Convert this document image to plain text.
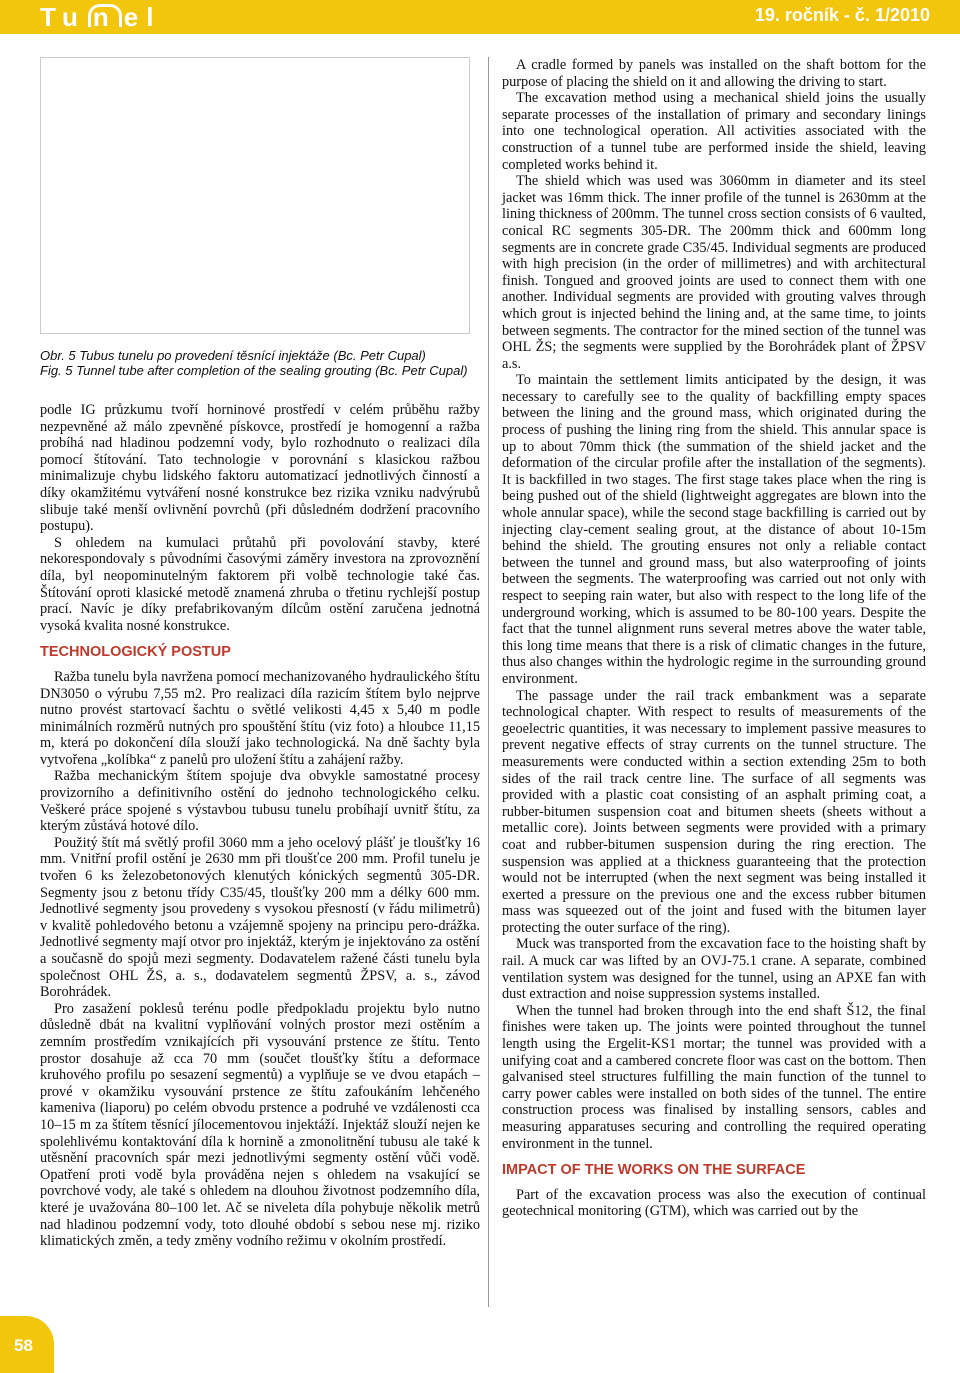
Tu n el	19. ročník - č. 1/2010
Obr. 5 Tubus tunelu po provedení těsnící injektáže (Bc. Petr Cupal)
Fig. 5 Tunnel tube after completion of the sealing grouting (Bc. Petr Cupal)

podle IG průzkumu tvoří horninové prostředí v celém průběhu ražby nezpevněné až málo zpevněné pískovce, prostředí je homogenní a ražba probíhá nad hladinou podzemní vody, bylo rozhodnuto o realizaci díla pomocí štítování. Tato technologie v porovnání s klasickou ražbou minimalizuje chybu lidského faktoru automatizací jednotlivých činností a díky okamžitému vytváření nosné konstrukce bez rizika vzniku nadvýrubů slibuje také menší ovlivnění povrchů (při důsledném dodržení pracovního postupu).

S ohledem na kumulaci průtahů při povolování stavby, které nekorespondovaly s původními časovými záměry investora na zprovoznění díla, byl neopominutelným faktorem při volbě technologie také čas. Štítování oproti klasické metodě znamená zhruba o třetinu rychlejší postup prací. Navíc je díky prefabrikovaným dílcům ostění zaručena jednotná vysoká kvalita nosné konstrukce.

TECHNOLOGICKÝ POSTUP

Ražba tunelu byla navržena pomocí mechanizovaného hydraulického štítu DN3050 o výrubu 7,55 m2. Pro realizaci díla razicím štítem bylo nejprve nutno provést startovací šachtu o světlé velikosti 4,45 x 5,40 m podle minimálních rozměrů nutných pro spouštění štítu (viz foto) a hloubce 11,15 m, která po dokončení díla slouží jako technologická. Na dně šachty byla vytvořena „kolíbka“ z panelů pro uložení štítu a zahájení ražby.

Ražba mechanickým štítem spojuje dva obvykle samostatné procesy provizorního a definitivního ostění do jednoho technologického celku. Veškeré práce spojené s výstavbou tubusu tunelu probíhají uvnitř štítu, za kterým zůstává hotové dílo.

Použitý štít má světlý profil 3060 mm a jeho ocelový plášť je tloušťky 16 mm. Vnitřní profil ostění je 2630 mm při tloušťce 200 mm. Profil tunelu je tvořen 6 ks železobetonových klenutých kónických segmentů 305-DR. Segmenty jsou z betonu třídy C35/45, tloušťky 200 mm a délky 600 mm. Jednotlivé segmenty jsou provedeny s vysokou přesností (v řádu milimetrů) v kvalitě pohledového betonu a vzájemně spojeny na principu pero-drážka. Jednotlivé segmenty mají otvor pro injektáž, kterým je injektováno za ostění a současně do spojů mezi segmenty. Dodavatelem ražené části tunelu byla společnost OHL ŽS, a. s., dodavatelem segmentů ŽPSV, a. s., závod Borohrádek.

Pro zasažení poklesů terénu podle předpokladu projektu bylo nutno důsledně dbát na kvalitní vyplňování volných prostor mezi ostěním a zemním prostředím vznikajících při vysouvání prstence ze štítu. Tento prostor dosahuje až cca 70 mm (součet tloušťky štítu a deformace kruhového profilu po sesazení segmentů) a vyplňuje se ve dvou etapách – prové v okamžiku vysouvání prstence ze štítu zafoukáním lehčeného kameniva (liaporu) po celém obvodu prstence a podruhé ve vzdálenosti cca 10–15 m za štítem těsnící jílocementovou injektáží. Injektáž slouží nejen ke spolehlivému kontaktování díla k hornině a zmonolitnění tubusu ale také k utěsnění pracovních spár mezi jednotlivými segmenty ostění vůči vodě. Opatření proti vodě byla prováděna nejen s ohledem na vsakující se povrchové vody, ale také s ohledem na dlouhou životnost podzemního díla, které je uvažována 80–100 let. Ač se niveleta díla pohybuje několik metrů nad hladinou podzemní vody, toto dlouhé období s sebou nese mj. riziko klimatických změn, a tedy změny vodního režimu v okolním prostředí.

A cradle formed by panels was installed on the shaft bottom for the purpose of placing the shield on it and allowing the driving to start.

The excavation method using a mechanical shield joins the usually separate processes of the installation of primary and secondary linings into one technological operation. All activities associated with the construction of a tunnel tube are performed inside the shield, leaving completed works behind it.

The shield which was used was 3060mm in diameter and its steel jacket was 16mm thick. The inner profile of the tunnel is 2630mm at the lining thickness of 200mm. The tunnel cross section consists of 6 vaulted, conical RC segments 305-DR. The 200mm thick and 600mm long segments are in concrete grade C35/45. Individual segments are produced with high precision (in the order of millimetres) and with architectural finish. Tongued and grooved joints are used to connect them with one another. Individual segments are provided with grouting valves through which grout is injected behind the lining and, at the same time, to joints between segments. The contractor for the mined section of the tunnel was OHL ŽS; the segments were supplied by the Borohrádek plant of ŽPSV a.s.

To maintain the settlement limits anticipated by the design, it was necessary to carefully see to the quality of backfilling empty spaces between the lining and the ground mass, which originated during the process of pushing the lining ring from the shield. This annular space is up to about 70mm thick (the summation of the shield jacket and the deformation of the circular profile after the installation of the segments). It is backfilled in two stages. The first stage takes place when the ring is being pushed out of the shield (lightweight aggregates are blown into the whole annular space), while the second stage backfilling is carried out by injecting clay-cement sealing grout, at the distance of about 10-15m behind the shield. The grouting ensures not only a reliable contact between the tunnel and ground mass, but also waterproofing of joints between the segments. The waterproofing was carried out not only with respect to seeping rain water, but also with respect to the long life of the underground working, which is assumed to be 80-100 years. Despite the fact that the tunnel alignment runs several metres above the water table, this long time means that there is a risk of climatic changes in the future, thus also changes within the hydrologic regime in the surrounding ground environment.

The passage under the rail track embankment was a separate technological chapter. With respect to results of measurements of the geoelectric quantities, it was necessary to implement passive measures to prevent negative effects of stray currents on the tunnel structure. The measurements were conducted within a section extending 25m to both sides of the rail track centre line. The surface of all segments was provided with a plastic coat consisting of an asphalt priming coat, a rubber-bitumen suspension coat and bitumen sheets (sheets without a metallic core). Joints between segments were provided with a primary coat and rubber-bitumen suspension during the ring erection. The suspension was applied at a thickness guaranteeing that the protection would not be interrupted (when the next segment was being installed it exerted a pressure on the previous one and the excess rubber bitumen mass was squeezed out of the joint and fused with the bitumen layer protecting the outer surface of the ring).

Muck was transported from the excavation face to the hoisting shaft by rail. A muck car was lifted by an OVJ-75.1 crane. A separate, combined ventilation system was designed for the tunnel, using an APXE fan with dust extraction and noise suppression systems installed.

When the tunnel had broken through into the end shaft Š12, the final finishes were taken up. The joints were pointed throughout the tunnel length using the Ergelit-KS1 mortar; the tunnel was provided with a unifying coat and a cambered concrete floor was cast on the bottom. Then galvanised steel structures fulfilling the main function of the tunnel to carry power cables were installed on both sides of the tunnel. The entire construction process was finalised by installing sensors, cables and measuring apparatuses securing and controlling the required operating environment in the tunnel.

IMPACT OF THE WORKS ON THE SURFACE

Part of the excavation process was also the execution of continual geotechnical monitoring (GTM), which was carried out by the

58
